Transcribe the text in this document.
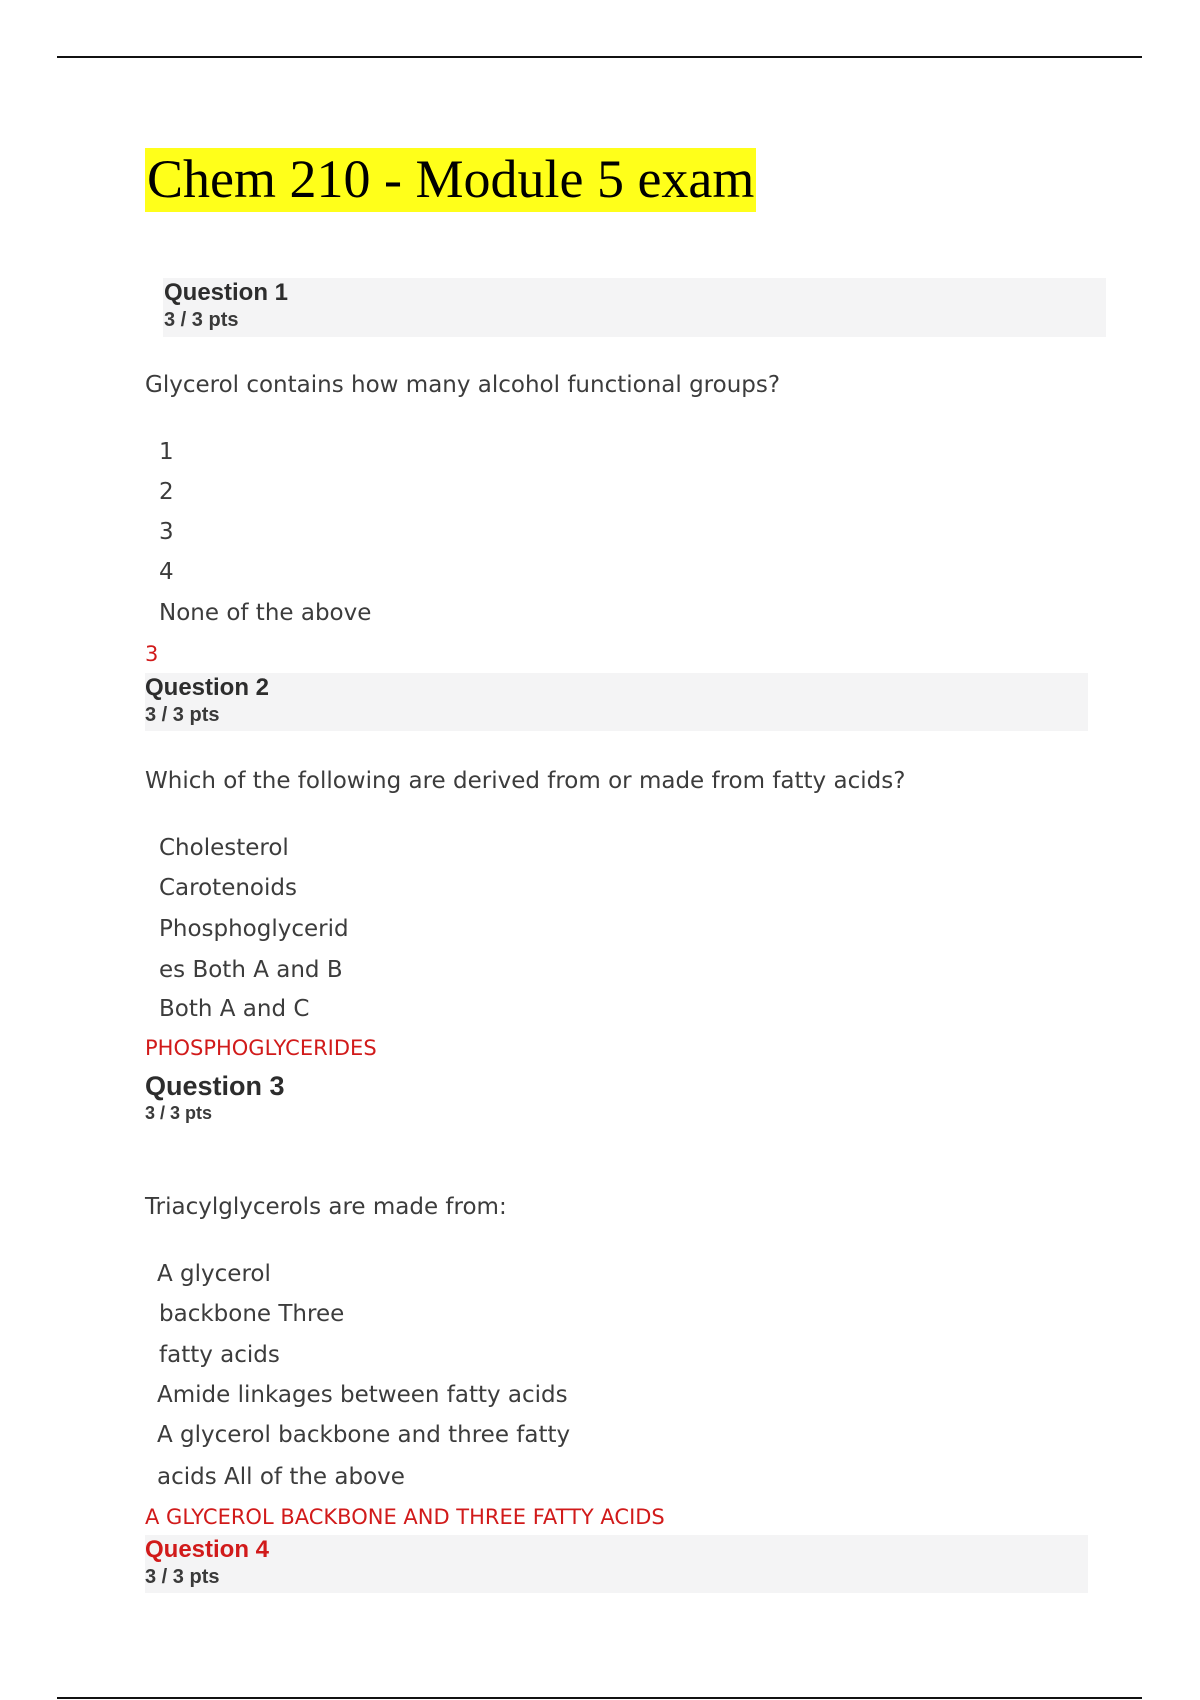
Chem 210 - Module 5 exam
Question 1
3 / 3 pts

Glycerol contains how many alcohol functional groups?

1
2
3
4
None of the above

3

Question 2
3 / 3 pts

Which of the following are derived from or made from fatty acids?

Cholesterol
Carotenoids
Phosphoglycerid
es Both A and B
Both A and C

PHOSPHOGLYCERIDES

Question 3
3 / 3 pts

Triacylglycerols are made from:

A glycerol
backbone Three
fatty acids
Amide linkages between fatty acids
A glycerol backbone and three fatty
acids All of the above

A GLYCEROL BACKBONE AND THREE FATTY ACIDS

Question 4
3 / 3 pts
